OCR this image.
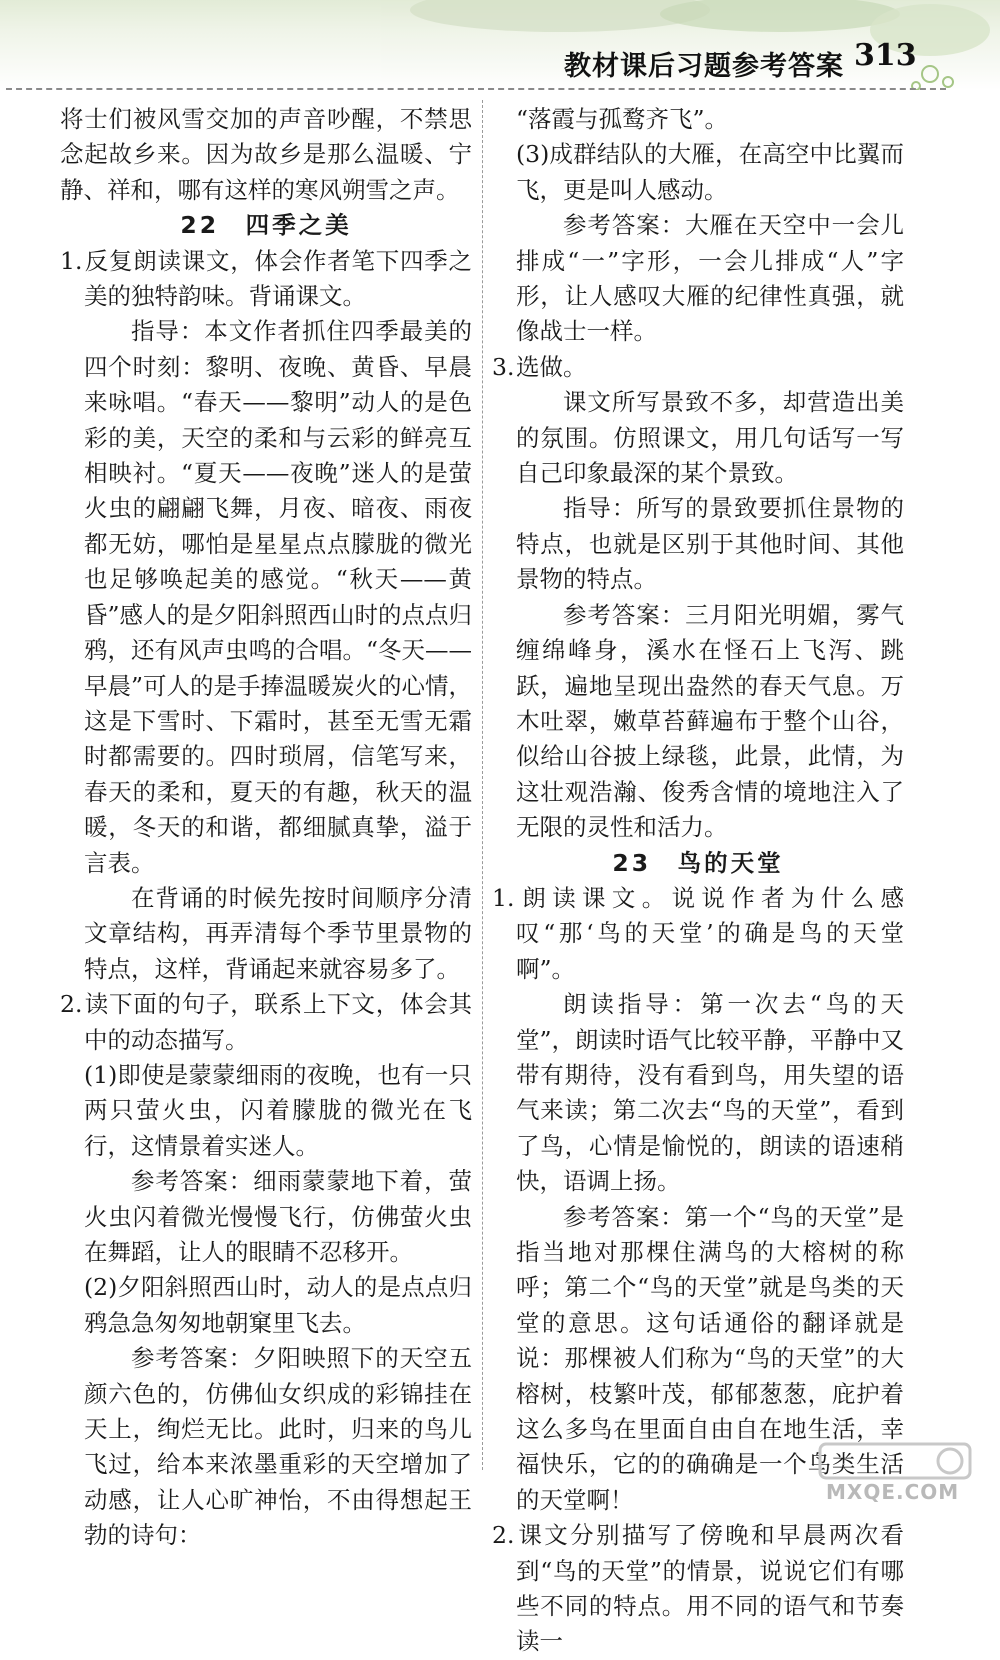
教材课后习题参考答案 313

将士们被风雪交加的声音吵醒，不禁思念起故乡来。因为故乡是那么温暖、宁静、祥和，哪有这样的寒风朔雪之声。

22　四季之美

1.反复朗读课文，体会作者笔下四季之美的独特韵味。背诵课文。

指导：本文作者抓住四季最美的四个时刻：黎明、夜晚、黄昏、早晨来咏唱。“春天——黎明”动人的是色彩的美，天空的柔和与云彩的鲜亮互相映衬。“夏天——夜晚”迷人的是萤火虫的翩翩飞舞，月夜、暗夜、雨夜都无妨，哪怕是星星点点朦胧的微光也足够唤起美的感觉。“秋天——黄昏”感人的是夕阳斜照西山时的点点归鸦，还有风声虫鸣的合唱。“冬天——早晨”可人的是手捧温暖炭火的心情，这是下雪时、下霜时，甚至无雪无霜时都需要的。四时琐屑，信笔写来，春天的柔和，夏天的有趣，秋天的温暖，冬天的和谐，都细腻真挚，溢于言表。

在背诵的时候先按时间顺序分清文章结构，再弄清每个季节里景物的特点，这样，背诵起来就容易多了。

2.读下面的句子，联系上下文，体会其中的动态描写。

(1)即使是蒙蒙细雨的夜晚，也有一只两只萤火虫，闪着朦胧的微光在飞行，这情景着实迷人。

参考答案：细雨蒙蒙地下着，萤火虫闪着微光慢慢飞行，仿佛萤火虫在舞蹈，让人的眼睛不忍移开。

(2)夕阳斜照西山时，动人的是点点归鸦急急匆匆地朝窠里飞去。

参考答案：夕阳映照下的天空五颜六色的，仿佛仙女织成的彩锦挂在天上，绚烂无比。此时，归来的鸟儿飞过，给本来浓墨重彩的天空增加了动感，让人心旷神怡，不由得想起王勃的诗句：

“落霞与孤鹜齐飞”。

(3)成群结队的大雁，在高空中比翼而飞，更是叫人感动。

参考答案：大雁在天空中一会儿排成“一”字形，一会儿排成“人”字形，让人感叹大雁的纪律性真强，就像战士一样。

3.选做。

课文所写景致不多，却营造出美的氛围。仿照课文，用几句话写一写自己印象最深的某个景致。

指导：所写的景致要抓住景物的特点，也就是区别于其他时间、其他景物的特点。

参考答案：三月阳光明媚，雾气缠绵峰身，溪水在怪石上飞泻、跳跃，遍地呈现出盎然的春天气息。万木吐翠，嫩草苔藓遍布于整个山谷，似给山谷披上绿毯，此景，此情，为这壮观浩瀚、俊秀含情的境地注入了无限的灵性和活力。

23　鸟的天堂

1.朗读课文。说说作者为什么感叹“那‘鸟的天堂’的确是鸟的天堂啊”。

朗读指导：第一次去“鸟的天堂”，朗读时语气比较平静，平静中又带有期待，没有看到鸟，用失望的语气来读；第二次去“鸟的天堂”，看到了鸟，心情是愉悦的，朗读的语速稍快，语调上扬。

参考答案：第一个“鸟的天堂”是指当地对那棵住满鸟的大榕树的称呼；第二个“鸟的天堂”就是鸟类的天堂的意思。这句话通俗的翻译就是说：那棵被人们称为“鸟的天堂”的大榕树，枝繁叶茂，郁郁葱葱，庇护着这么多鸟在里面自由自在地生活，幸福快乐，它的的确确是一个鸟类生活的天堂啊！

2.课文分别描写了傍晚和早晨两次看到“鸟的天堂”的情景，说说它们有哪些不同的特点。用不同的语气和节奏读一

MXQE.COM
